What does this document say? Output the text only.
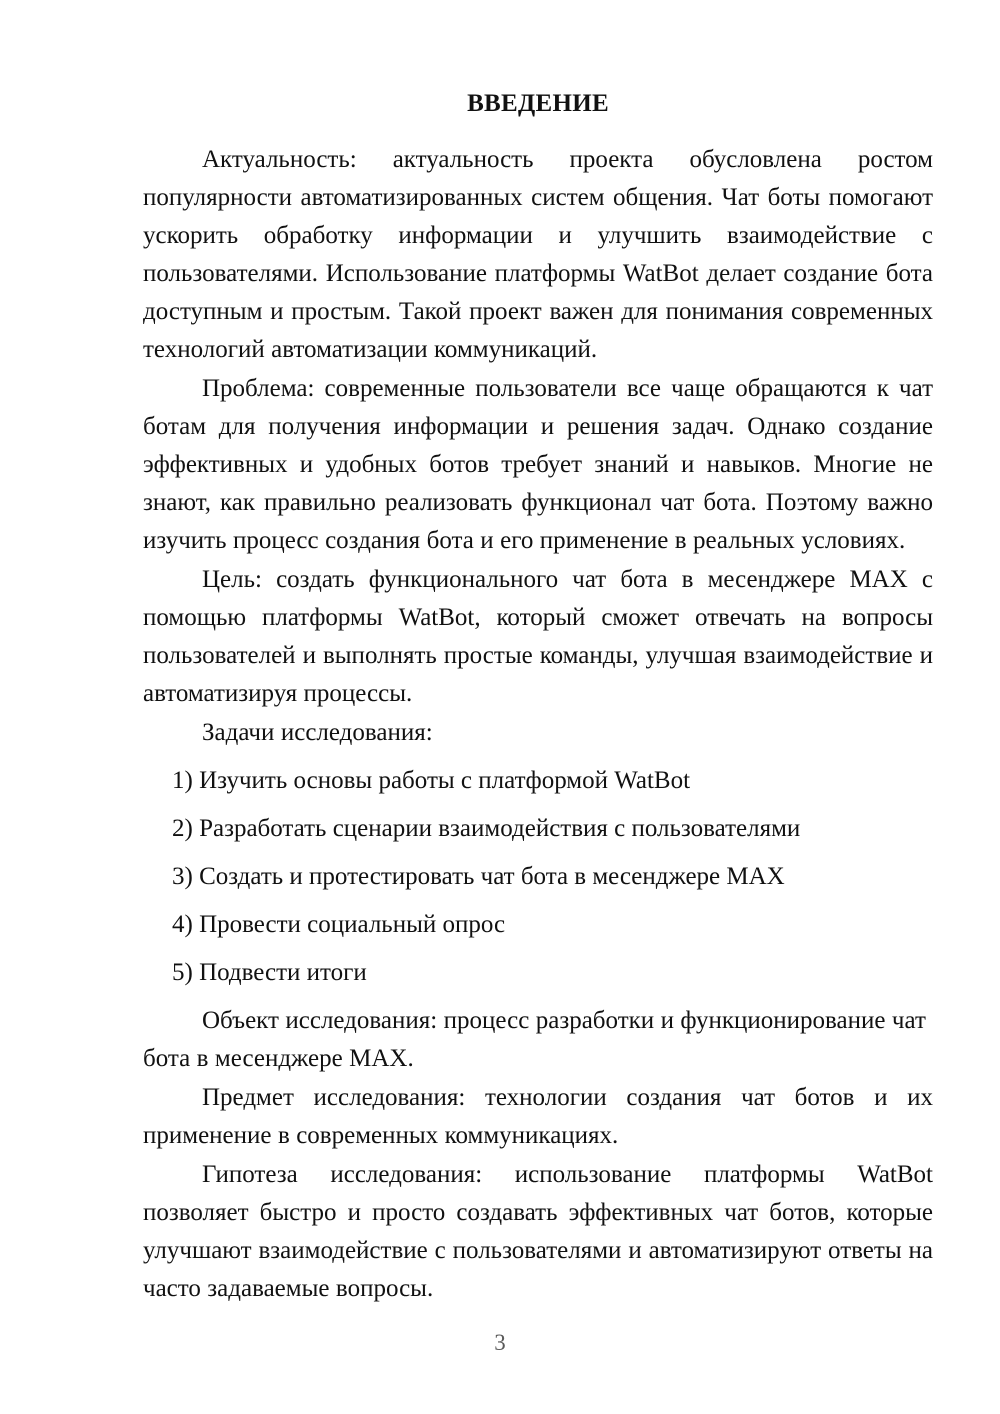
ВВЕДЕНИЕ

Актуальность: актуальность проекта обусловлена ростом популярности автоматизированных систем общения. Чат боты помогают ускорить обработку информации и улучшить взаимодействие с пользователями. Использование платформы WatBot делает создание бота доступным и простым. Такой проект важен для понимания современных технологий автоматизации коммуникаций.

Проблема: современные пользователи все чаще обращаются к чат ботам для получения информации и решения задач. Однако создание эффективных и удобных ботов требует знаний и навыков. Многие не знают, как правильно реализовать функционал чат бота. Поэтому важно изучить процесс создания бота и его применение в реальных условиях.

Цель: создать функционального чат бота в месенджере MAX с помощью платформы WatBot, который сможет отвечать на вопросы пользователей и выполнять простые команды, улучшая взаимодействие и автоматизируя процессы.

Задачи исследования:

1) Изучить основы работы с платформой WatBot
2) Разработать сценарии взаимодействия с пользователями
3) Создать и протестировать чат бота в месенджере MAX
4) Провести социальный опрос
5) Подвести итоги

Объект исследования: процесс разработки и функционирование чат бота в месенджере MAX.

Предмет исследования: технологии создания чат ботов и их применение в современных коммуникациях.

Гипотеза исследования: использование платформы WatBot позволяет быстро и просто создавать эффективных чат ботов, которые улучшают взаимодействие с пользователями и автоматизируют ответы на часто задаваемые вопросы.

3
